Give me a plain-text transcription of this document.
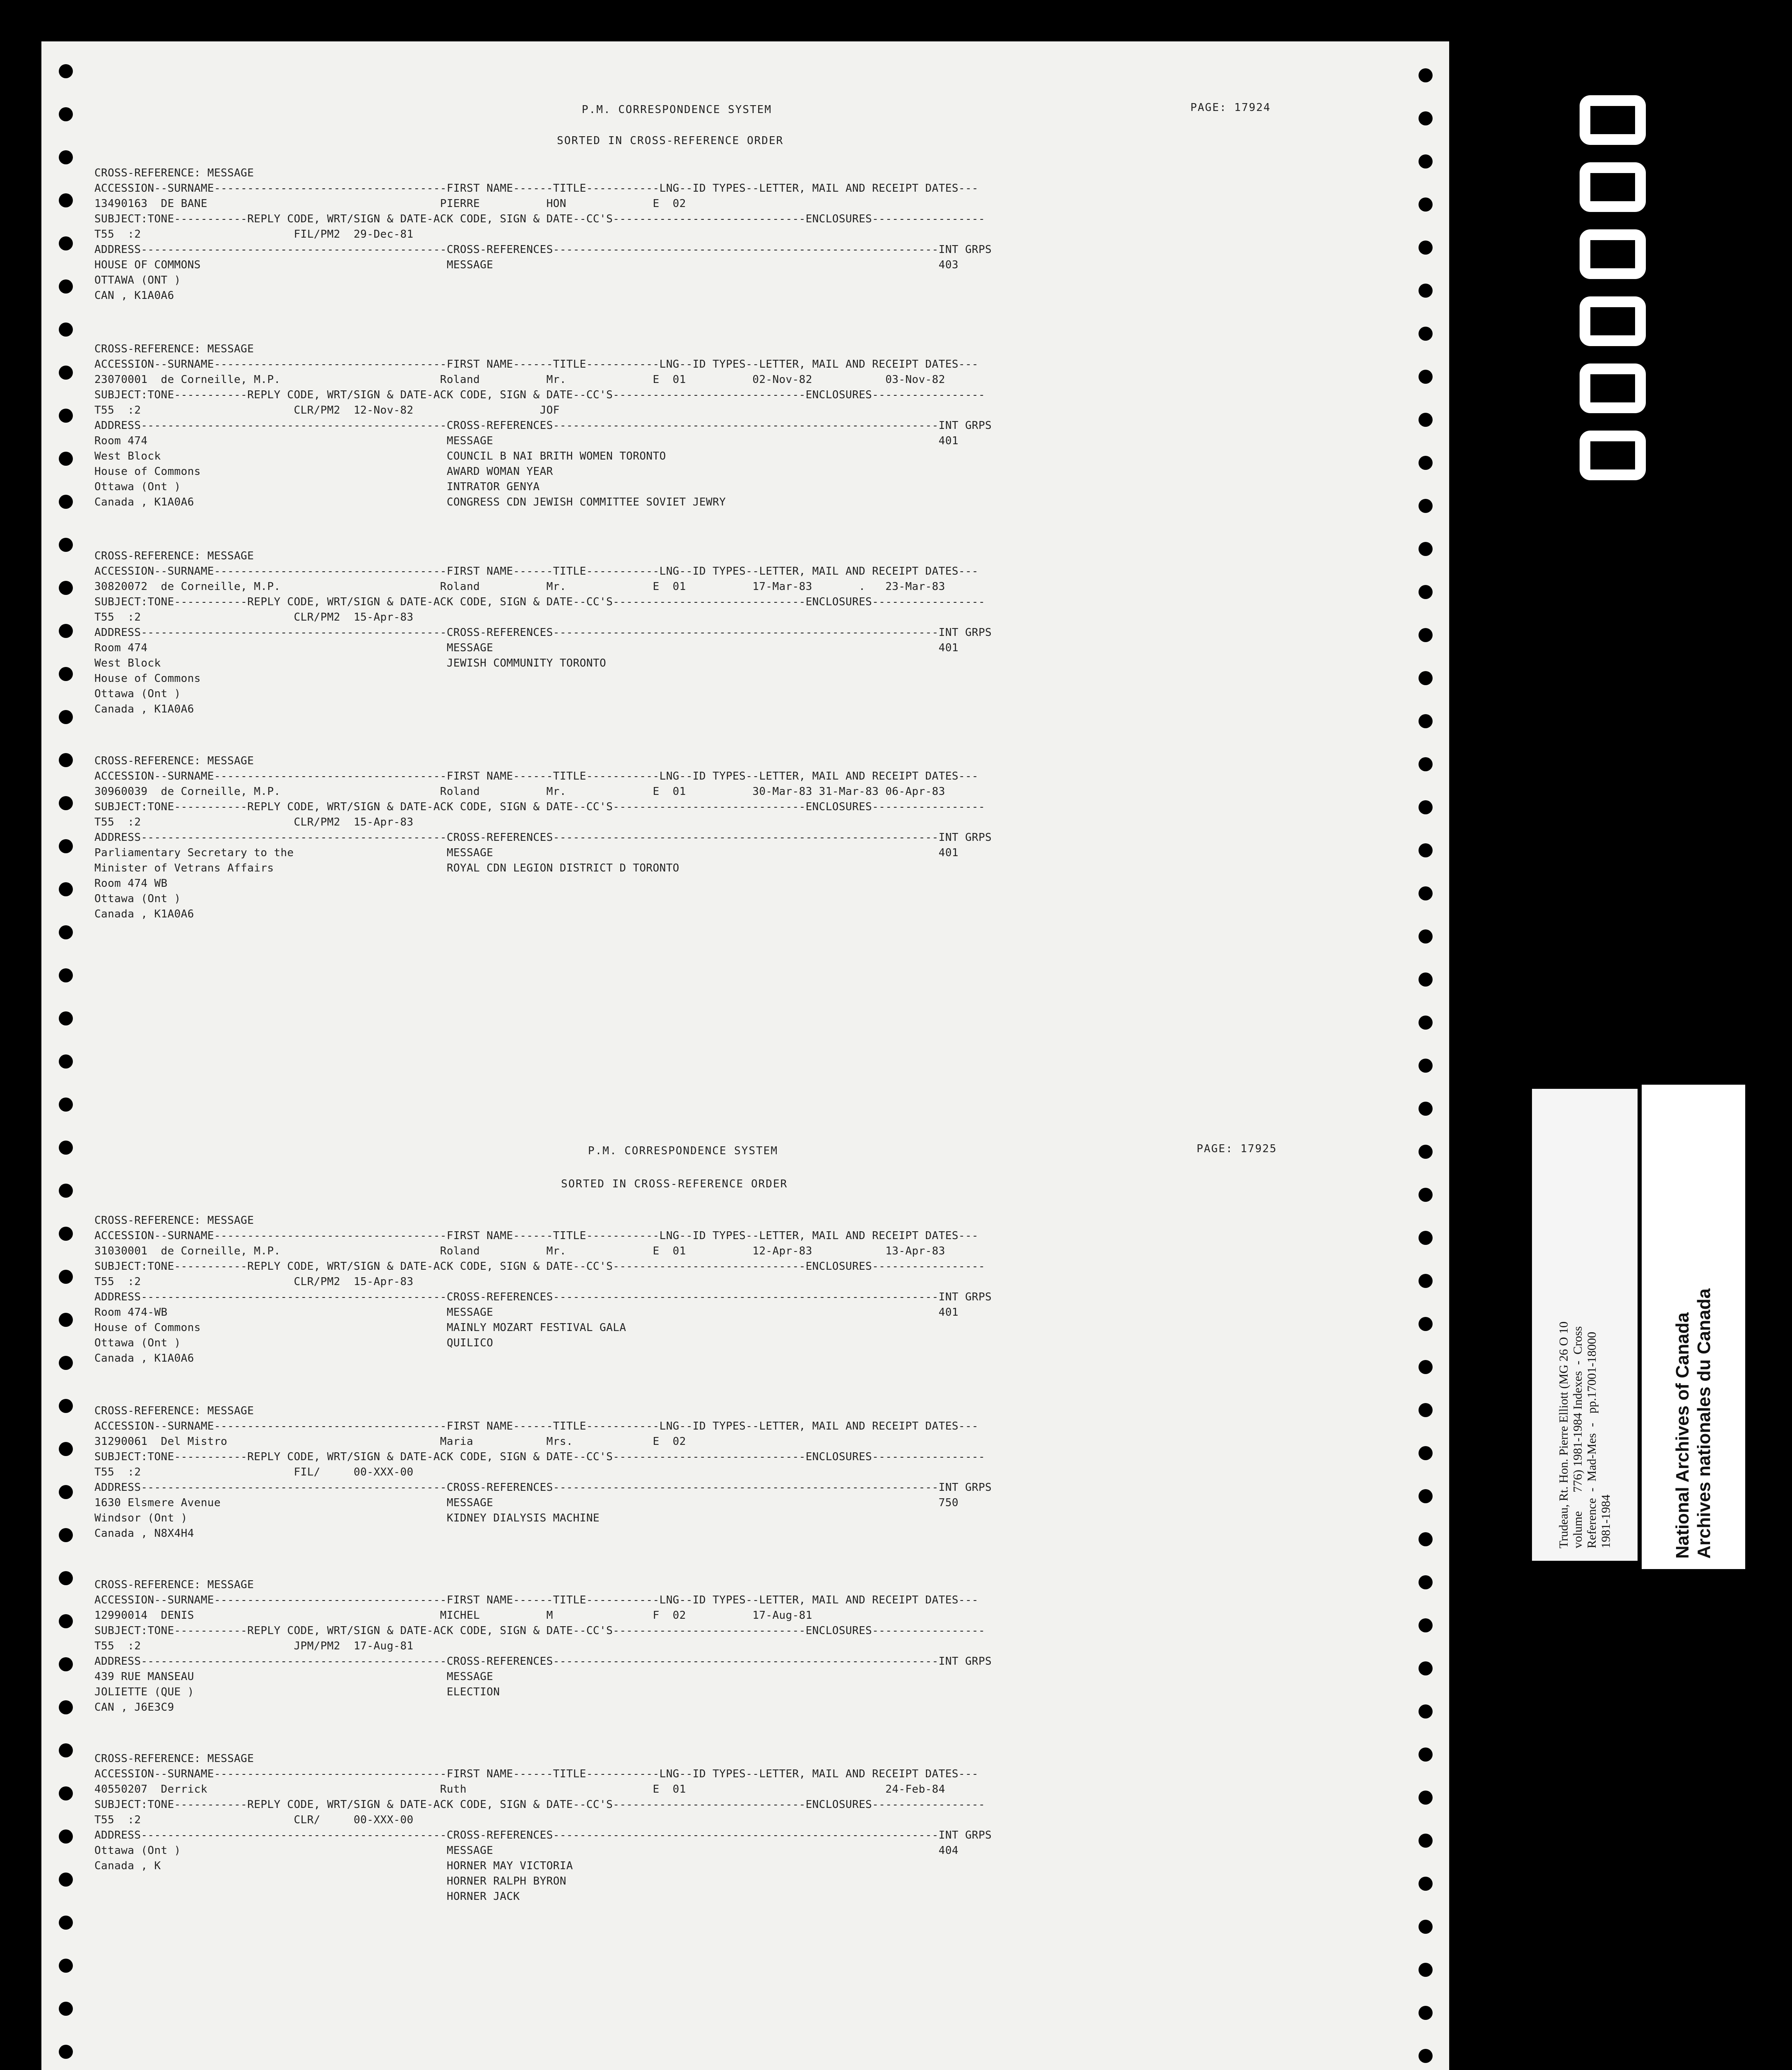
P.M. CORRESPONDENCE SYSTEM	PAGE: 17924
SORTED IN CROSS-REFERENCE ORDER
P.M. CORRESPONDENCE SYSTEM	PAGE: 17925
SORTED IN CROSS-REFERENCE ORDER
CROSS-REFERENCE: MESSAGE
ACCESSION--SURNAME-----------------------------------FIRST NAME------TITLE-----------LNG--ID TYPES--LETTER, MAIL AND RECEIPT DATES---
13490163  DE BANE                                   PIERRE          HON             E  02
SUBJECT:TONE-----------REPLY CODE, WRT/SIGN & DATE-ACK CODE, SIGN & DATE--CC'S-----------------------------ENCLOSURES-----------------
T55  :2                       FIL/PM2  29-Dec-81
ADDRESS----------------------------------------------CROSS-REFERENCES----------------------------------------------------------INT GRPS
HOUSE OF COMMONS                                     MESSAGE                                                                   403
OTTAWA (ONT )
CAN , K1A0A6
CROSS-REFERENCE: MESSAGE
ACCESSION--SURNAME-----------------------------------FIRST NAME------TITLE-----------LNG--ID TYPES--LETTER, MAIL AND RECEIPT DATES---
23070001  de Corneille, M.P.                        Roland          Mr.             E  01          02-Nov-82           03-Nov-82
SUBJECT:TONE-----------REPLY CODE, WRT/SIGN & DATE-ACK CODE, SIGN & DATE--CC'S-----------------------------ENCLOSURES-----------------
T55  :2                       CLR/PM2  12-Nov-82                   JOF
ADDRESS----------------------------------------------CROSS-REFERENCES----------------------------------------------------------INT GRPS
Room 474                                             MESSAGE                                                                   401
West Block                                           COUNCIL B NAI BRITH WOMEN TORONTO
House of Commons                                     AWARD WOMAN YEAR
Ottawa (Ont )                                        INTRATOR GENYA
Canada , K1A0A6                                      CONGRESS CDN JEWISH COMMITTEE SOVIET JEWRY
CROSS-REFERENCE: MESSAGE
ACCESSION--SURNAME-----------------------------------FIRST NAME------TITLE-----------LNG--ID TYPES--LETTER, MAIL AND RECEIPT DATES---
30820072  de Corneille, M.P.                        Roland          Mr.             E  01          17-Mar-83       .   23-Mar-83
SUBJECT:TONE-----------REPLY CODE, WRT/SIGN & DATE-ACK CODE, SIGN & DATE--CC'S-----------------------------ENCLOSURES-----------------
T55  :2                       CLR/PM2  15-Apr-83
ADDRESS----------------------------------------------CROSS-REFERENCES----------------------------------------------------------INT GRPS
Room 474                                             MESSAGE                                                                   401
West Block                                           JEWISH COMMUNITY TORONTO
House of Commons
Ottawa (Ont )
Canada , K1A0A6
CROSS-REFERENCE: MESSAGE
ACCESSION--SURNAME-----------------------------------FIRST NAME------TITLE-----------LNG--ID TYPES--LETTER, MAIL AND RECEIPT DATES---
30960039  de Corneille, M.P.                        Roland          Mr.             E  01          30-Mar-83 31-Mar-83 06-Apr-83
SUBJECT:TONE-----------REPLY CODE, WRT/SIGN & DATE-ACK CODE, SIGN & DATE--CC'S-----------------------------ENCLOSURES-----------------
T55  :2                       CLR/PM2  15-Apr-83
ADDRESS----------------------------------------------CROSS-REFERENCES----------------------------------------------------------INT GRPS
Parliamentary Secretary to the                       MESSAGE                                                                   401
Minister of Vetrans Affairs                          ROYAL CDN LEGION DISTRICT D TORONTO
Room 474 WB
Ottawa (Ont )
Canada , K1A0A6
CROSS-REFERENCE: MESSAGE
ACCESSION--SURNAME-----------------------------------FIRST NAME------TITLE-----------LNG--ID TYPES--LETTER, MAIL AND RECEIPT DATES---
31030001  de Corneille, M.P.                        Roland          Mr.             E  01          12-Apr-83           13-Apr-83
SUBJECT:TONE-----------REPLY CODE, WRT/SIGN & DATE-ACK CODE, SIGN & DATE--CC'S-----------------------------ENCLOSURES-----------------
T55  :2                       CLR/PM2  15-Apr-83
ADDRESS----------------------------------------------CROSS-REFERENCES----------------------------------------------------------INT GRPS
Room 474-WB                                          MESSAGE                                                                   401
House of Commons                                     MAINLY MOZART FESTIVAL GALA
Ottawa (Ont )                                        QUILICO
Canada , K1A0A6
CROSS-REFERENCE: MESSAGE
ACCESSION--SURNAME-----------------------------------FIRST NAME------TITLE-----------LNG--ID TYPES--LETTER, MAIL AND RECEIPT DATES---
31290061  Del Mistro                                Maria           Mrs.            E  02
SUBJECT:TONE-----------REPLY CODE, WRT/SIGN & DATE-ACK CODE, SIGN & DATE--CC'S-----------------------------ENCLOSURES-----------------
T55  :2                       FIL/     00-XXX-00
ADDRESS----------------------------------------------CROSS-REFERENCES----------------------------------------------------------INT GRPS
1630 Elsmere Avenue                                  MESSAGE                                                                   750
Windsor (Ont )                                       KIDNEY DIALYSIS MACHINE
Canada , N8X4H4
CROSS-REFERENCE: MESSAGE
ACCESSION--SURNAME-----------------------------------FIRST NAME------TITLE-----------LNG--ID TYPES--LETTER, MAIL AND RECEIPT DATES---
12990014  DENIS                                     MICHEL          M               F  02          17-Aug-81
SUBJECT:TONE-----------REPLY CODE, WRT/SIGN & DATE-ACK CODE, SIGN & DATE--CC'S-----------------------------ENCLOSURES-----------------
T55  :2                       JPM/PM2  17-Aug-81
ADDRESS----------------------------------------------CROSS-REFERENCES----------------------------------------------------------INT GRPS
439 RUE MANSEAU                                      MESSAGE
JOLIETTE (QUE )                                      ELECTION
CAN , J6E3C9
CROSS-REFERENCE: MESSAGE
ACCESSION--SURNAME-----------------------------------FIRST NAME------TITLE-----------LNG--ID TYPES--LETTER, MAIL AND RECEIPT DATES---
40550207  Derrick                                   Ruth                            E  01                              24-Feb-84
SUBJECT:TONE-----------REPLY CODE, WRT/SIGN & DATE-ACK CODE, SIGN & DATE--CC'S-----------------------------ENCLOSURES-----------------
T55  :2                       CLR/     00-XXX-00
ADDRESS----------------------------------------------CROSS-REFERENCES----------------------------------------------------------INT GRPS
Ottawa (Ont )                                        MESSAGE                                                                   404
Canada , K                                           HORNER MAY VICTORIA
HORNER RALPH BYRON
HORNER JACK
Trudeau, Rt. Hon. Pierre Elliott (MG 26 O 10 volume      776) 1981-1984 Indexes  -  Cross Reference  -  Mad-Mes  -   pp.17001-18000 1981-1984	National Archives of Canada Archives nationales du Canada
